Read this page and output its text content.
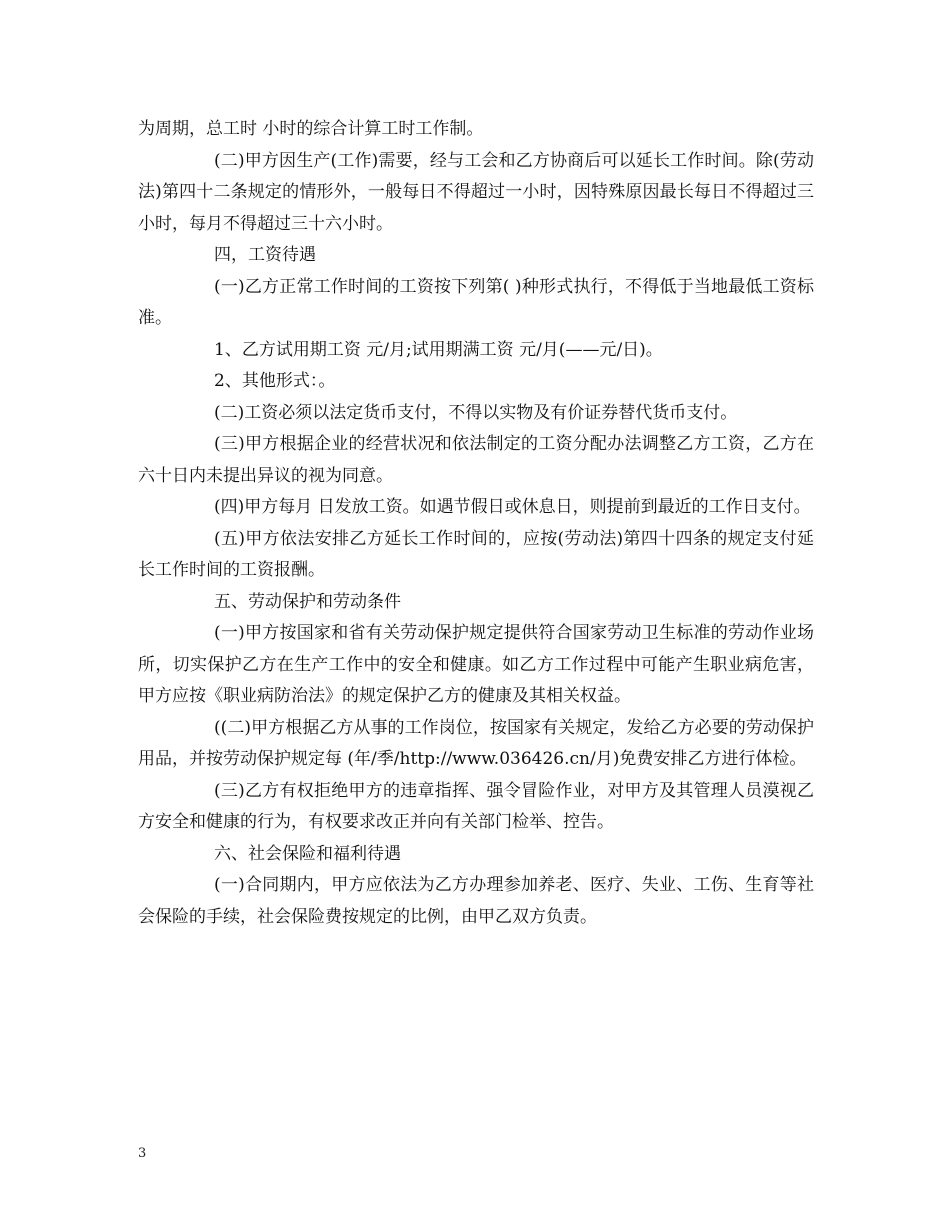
为周期，总工时 小时的综合计算工时工作制。

(二)甲方因生产(工作)需要，经与工会和乙方协商后可以延长工作时间。除(劳动法)第四十二条规定的情形外，一般每日不得超过一小时，因特殊原因最长每日不得超过三小时，每月不得超过三十六小时。

四，工资待遇

(一)乙方正常工作时间的工资按下列第( )种形式执行，不得低于当地最低工资标准。

1、乙方试用期工资 元/月;试用期满工资 元/月(——元/日)。

2、其他形式：。

(二)工资必须以法定货币支付，不得以实物及有价证券替代货币支付。

(三)甲方根据企业的经营状况和依法制定的工资分配办法调整乙方工资，乙方在六十日内未提出异议的视为同意。

(四)甲方每月 日发放工资。如遇节假日或休息日，则提前到最近的工作日支付。

(五)甲方依法安排乙方延长工作时间的，应按(劳动法)第四十四条的规定支付延长工作时间的工资报酬。

五、劳动保护和劳动条件

(一)甲方按国家和省有关劳动保护规定提供符合国家劳动卫生标准的劳动作业场所，切实保护乙方在生产工作中的安全和健康。如乙方工作过程中可能产生职业病危害，甲方应按《职业病防治法》的规定保护乙方的健康及其相关权益。

((二)甲方根据乙方从事的工作岗位，按国家有关规定，发给乙方必要的劳动保护用品，并按劳动保护规定每 (年/季/http://www.036426.cn/月)免费安排乙方进行体检。

(三)乙方有权拒绝甲方的违章指挥、强令冒险作业，对甲方及其管理人员漠视乙方安全和健康的行为，有权要求改正并向有关部门检举、控告。

六、社会保险和福利待遇

(一)合同期内，甲方应依法为乙方办理参加养老、医疗、失业、工伤、生育等社会保险的手续，社会保险费按规定的比例，由甲乙双方负责。

3
